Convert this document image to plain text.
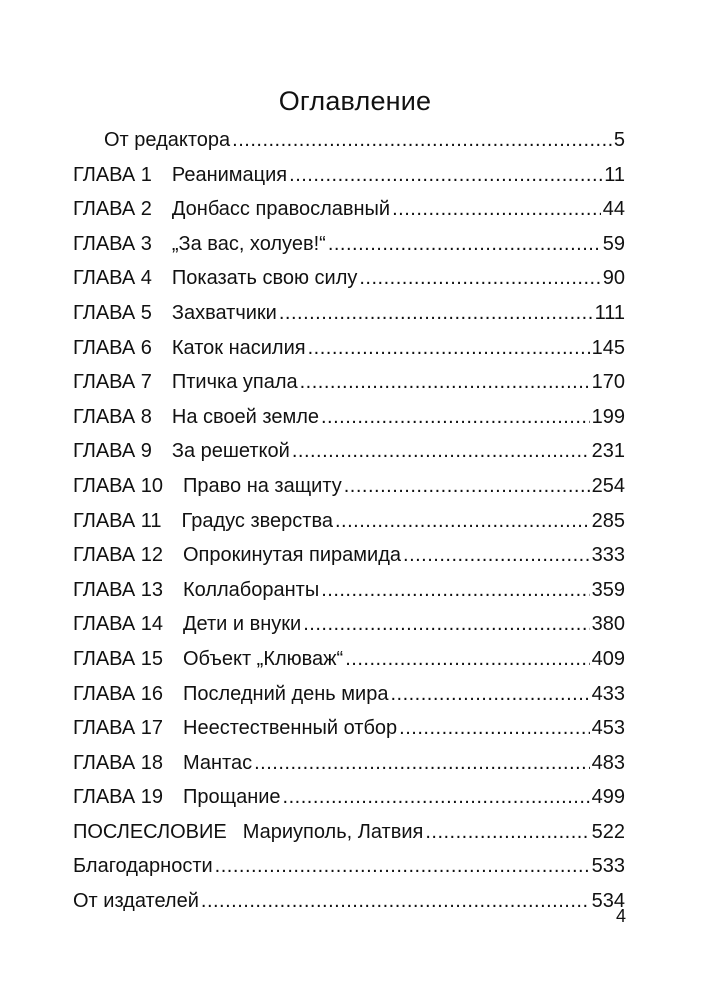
Оглавление
От редактора .....	5
ГЛАВА 1 Реанимация .....	11
ГЛАВА 2 Донбасс православный .....	44
ГЛАВА 3 „За вас, холуев!“ .....	59
ГЛАВА 4 Показать свою силу .....	90
ГЛАВА 5 Захватчики .....	111
ГЛАВА 6 Каток насилия .....	145
ГЛАВА 7 Птичка упала .....	170
ГЛАВА 8 На своей земле .....	199
ГЛАВА 9 За решеткой .....	231
ГЛАВА 10 Право на защиту .....	254
ГЛАВА 11 Градус зверства .....	285
ГЛАВА 12 Опрокинутая пирамида .....	333
ГЛАВА 13 Коллаборанты .....	359
ГЛАВА 14 Дети и внуки .....	380
ГЛАВА 15 Объект „Клюваж“ .....	409
ГЛАВА 16 Последний день мира .....	433
ГЛАВА 17 Неестественный отбор .....	453
ГЛАВА 18 Мантас .....	483
ГЛАВА 19 Прощание .....	499
ПОСЛЕСЛОВИЕ Мариуполь, Латвия .....	522
Благодарности .....	533
От издателей .....	534
4
